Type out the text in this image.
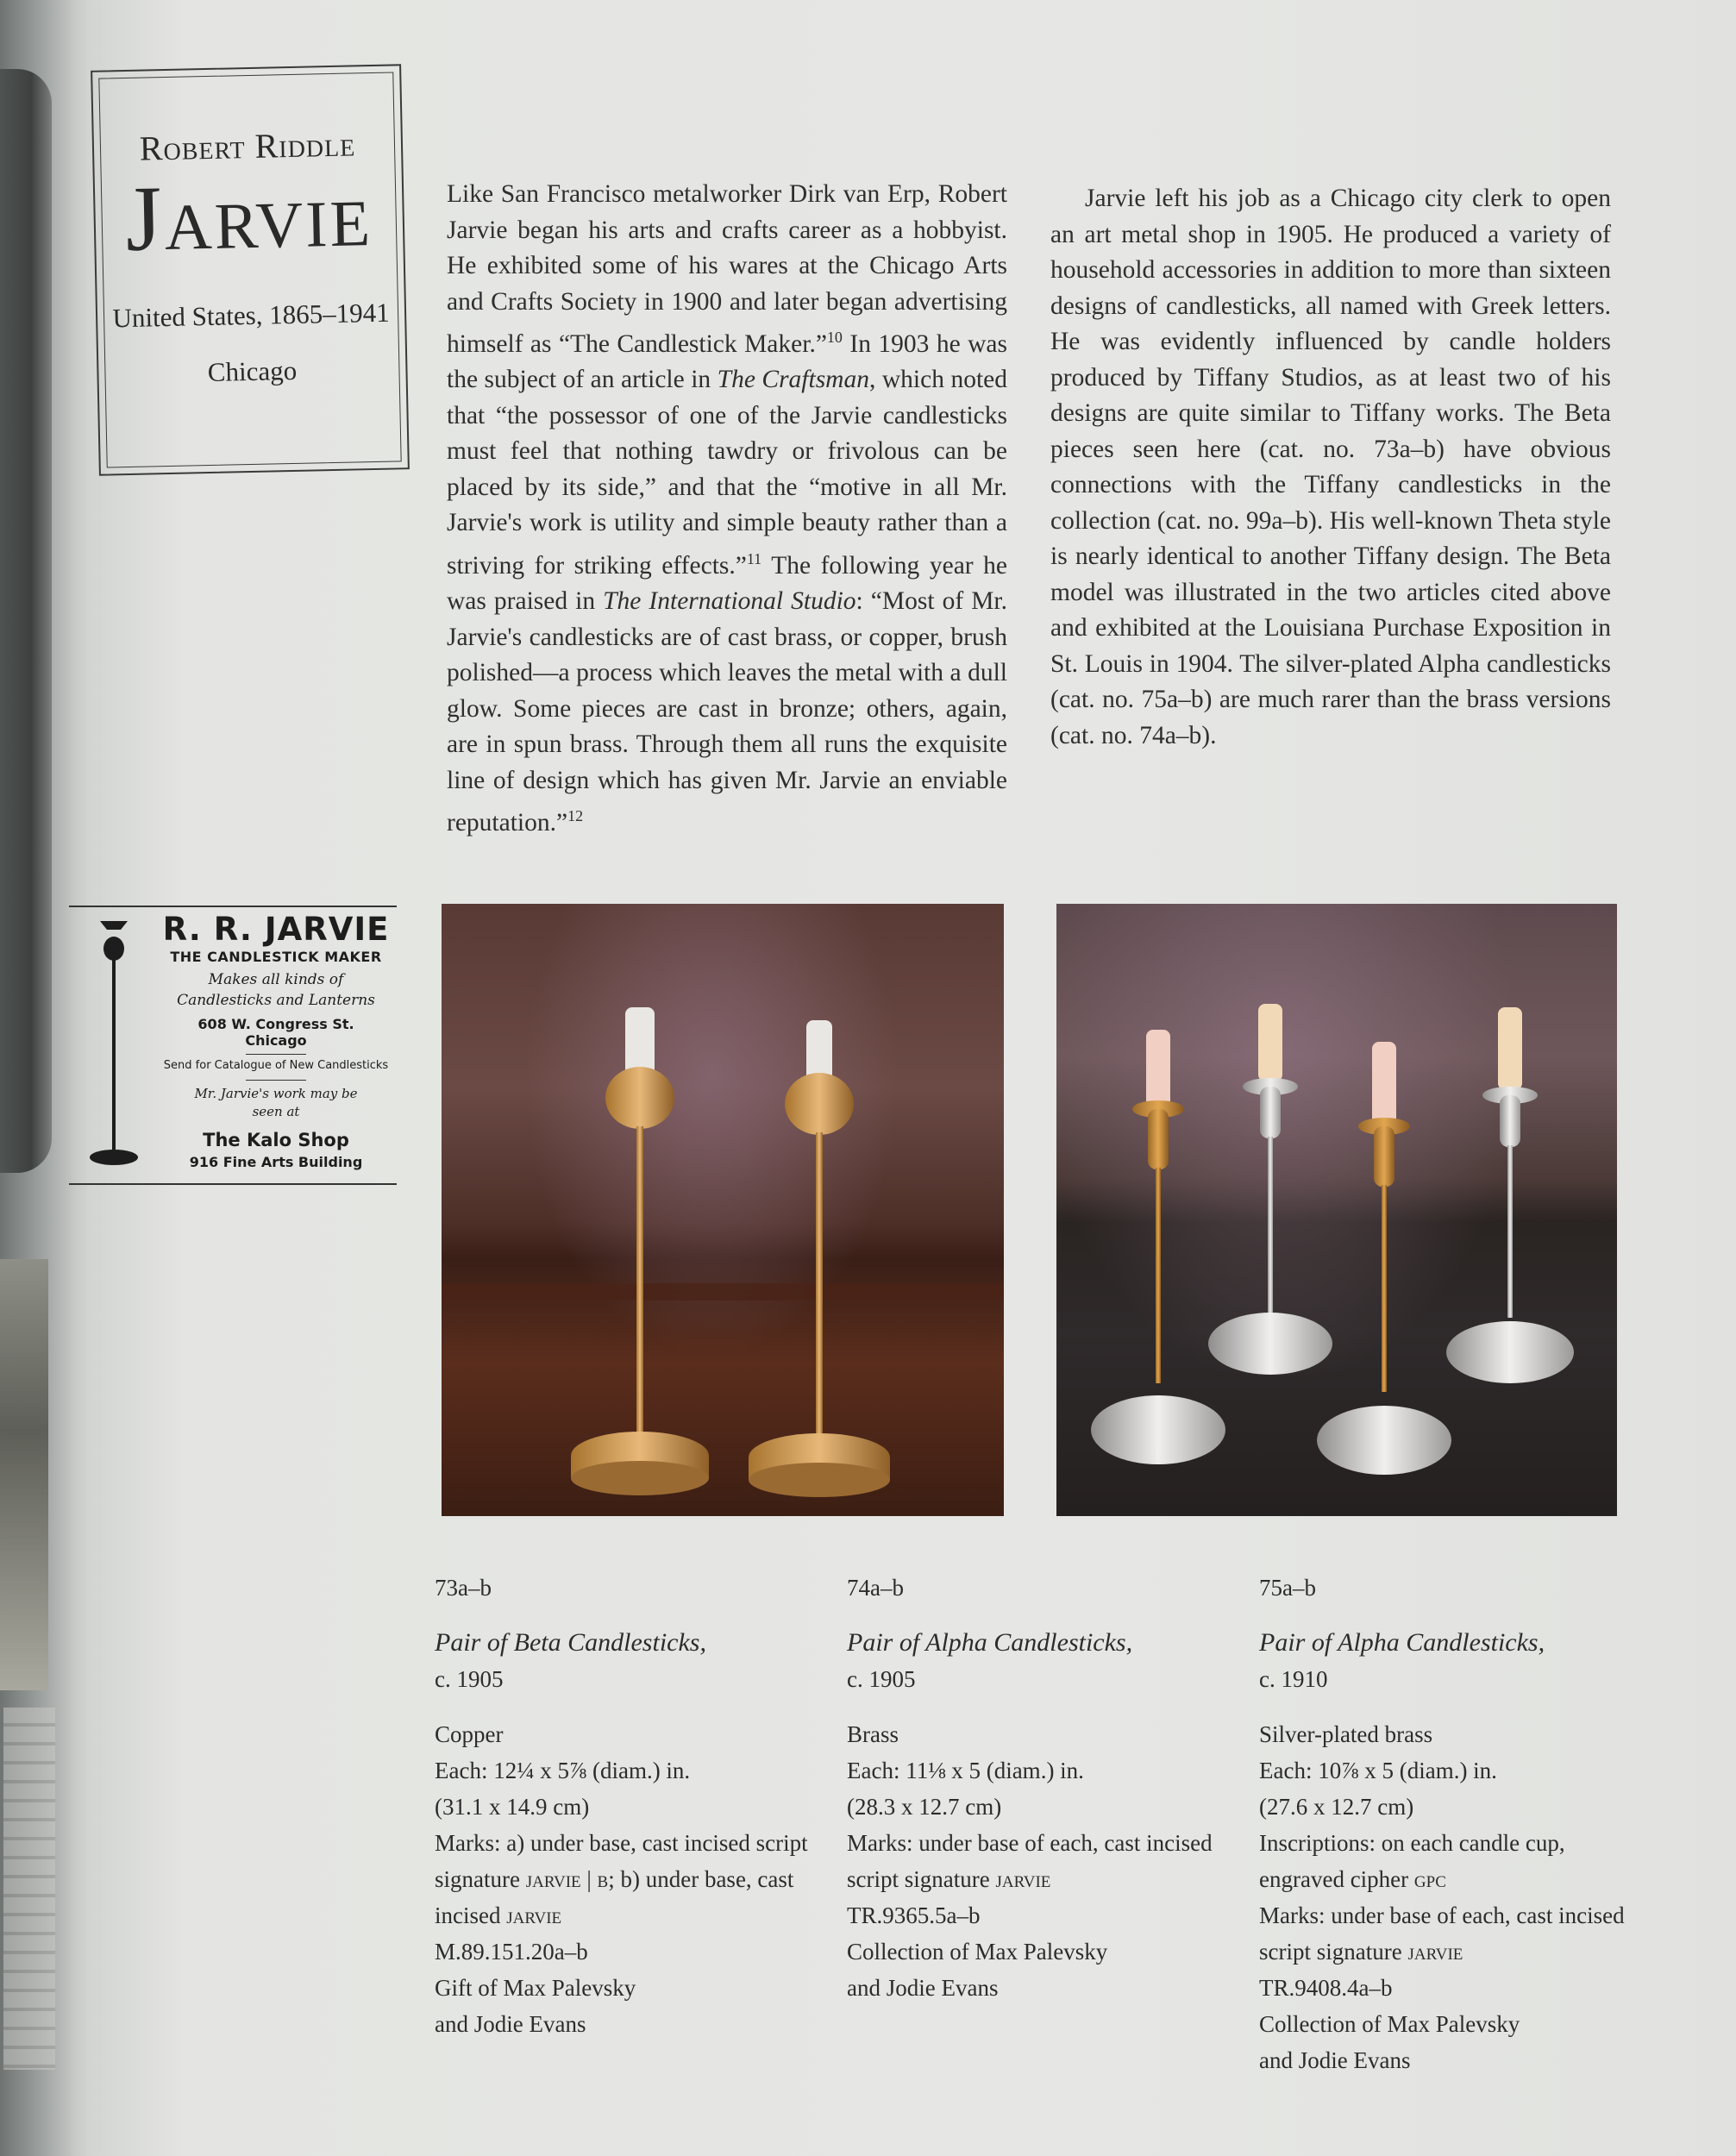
Robert Riddle
Jarvie
United States, 1865–1941
Chicago
R. R. JARVIE
THE CANDLESTICK MAKER
Makes all kinds of
Candlesticks and Lanterns
608 W. Congress St.
Chicago
Send for Catalogue of New Candlesticks
Mr. Jarvie's work may be
seen at
The Kalo Shop
916 Fine Arts Building

Like San Francisco metalworker Dirk van Erp, Robert Jarvie began his arts and crafts career as a hobbyist. He exhibited some of his wares at the Chicago Arts and Crafts Society in 1900 and later began advertising himself as “The Candlestick Maker.”$^{10}$ In 1903 he was the subject of an article in The Craftsman, which noted that “the possessor of one of the Jarvie candlesticks must feel that nothing tawdry or frivolous can be placed by its side,” and that the “motive in all Mr. Jarvie's work is utility and simple beauty rather than a striving for striking effects.”$^{11}$ The following year he was praised in The International Studio: “Most of Mr. Jarvie's candlesticks are of cast brass, or copper, brush polished—a process which leaves the metal with a dull glow. Some pieces are cast in bronze; others, again, are in spun brass. Through them all runs the exquisite line of design which has given Mr. Jarvie an enviable reputation.”$^{12}$

Jarvie left his job as a Chicago city clerk to open an art metal shop in 1905. He produced a variety of household accessories in addition to more than sixteen designs of candlesticks, all named with Greek letters. He was evidently influenced by candle holders produced by Tiffany Studios, as at least two of his designs are quite similar to Tiffany works. The Beta pieces seen here (cat. no. 73a–b) have obvious connections with the Tiffany candlesticks in the collection (cat. no. 99a–b). His well-known Theta style is nearly identical to another Tiffany design. The Beta model was illustrated in the two articles cited above and exhibited at the Louisiana Purchase Exposition in St. Louis in 1904. The silver-plated Alpha candlesticks (cat. no. 75a–b) are much rarer than the brass versions (cat. no. 74a–b).

73a–b
Pair of Beta Candlesticks,
c. 1905
Copper
Each: 12¼ x 5⅞ (diam.) in.
(31.1 x 14.9 cm)
Marks: a) under base, cast incised script signature jarvie | b; b) under base, cast incised jarvie
M.89.151.20a–b
Gift of Max Palevsky
and Jodie Evans
74a–b
Pair of Alpha Candlesticks,
c. 1905
Brass
Each: 11⅛ x 5 (diam.) in.
(28.3 x 12.7 cm)
Marks: under base of each, cast incised script signature jarvie
TR.9365.5a–b
Collection of Max Palevsky
and Jodie Evans
75a–b
Pair of Alpha Candlesticks,
c. 1910
Silver-plated brass
Each: 10⅞ x 5 (diam.) in.
(27.6 x 12.7 cm)
Inscriptions: on each candle cup, engraved cipher gpc
Marks: under base of each, cast incised script signature jarvie
TR.9408.4a–b
Collection of Max Palevsky
and Jodie Evans
